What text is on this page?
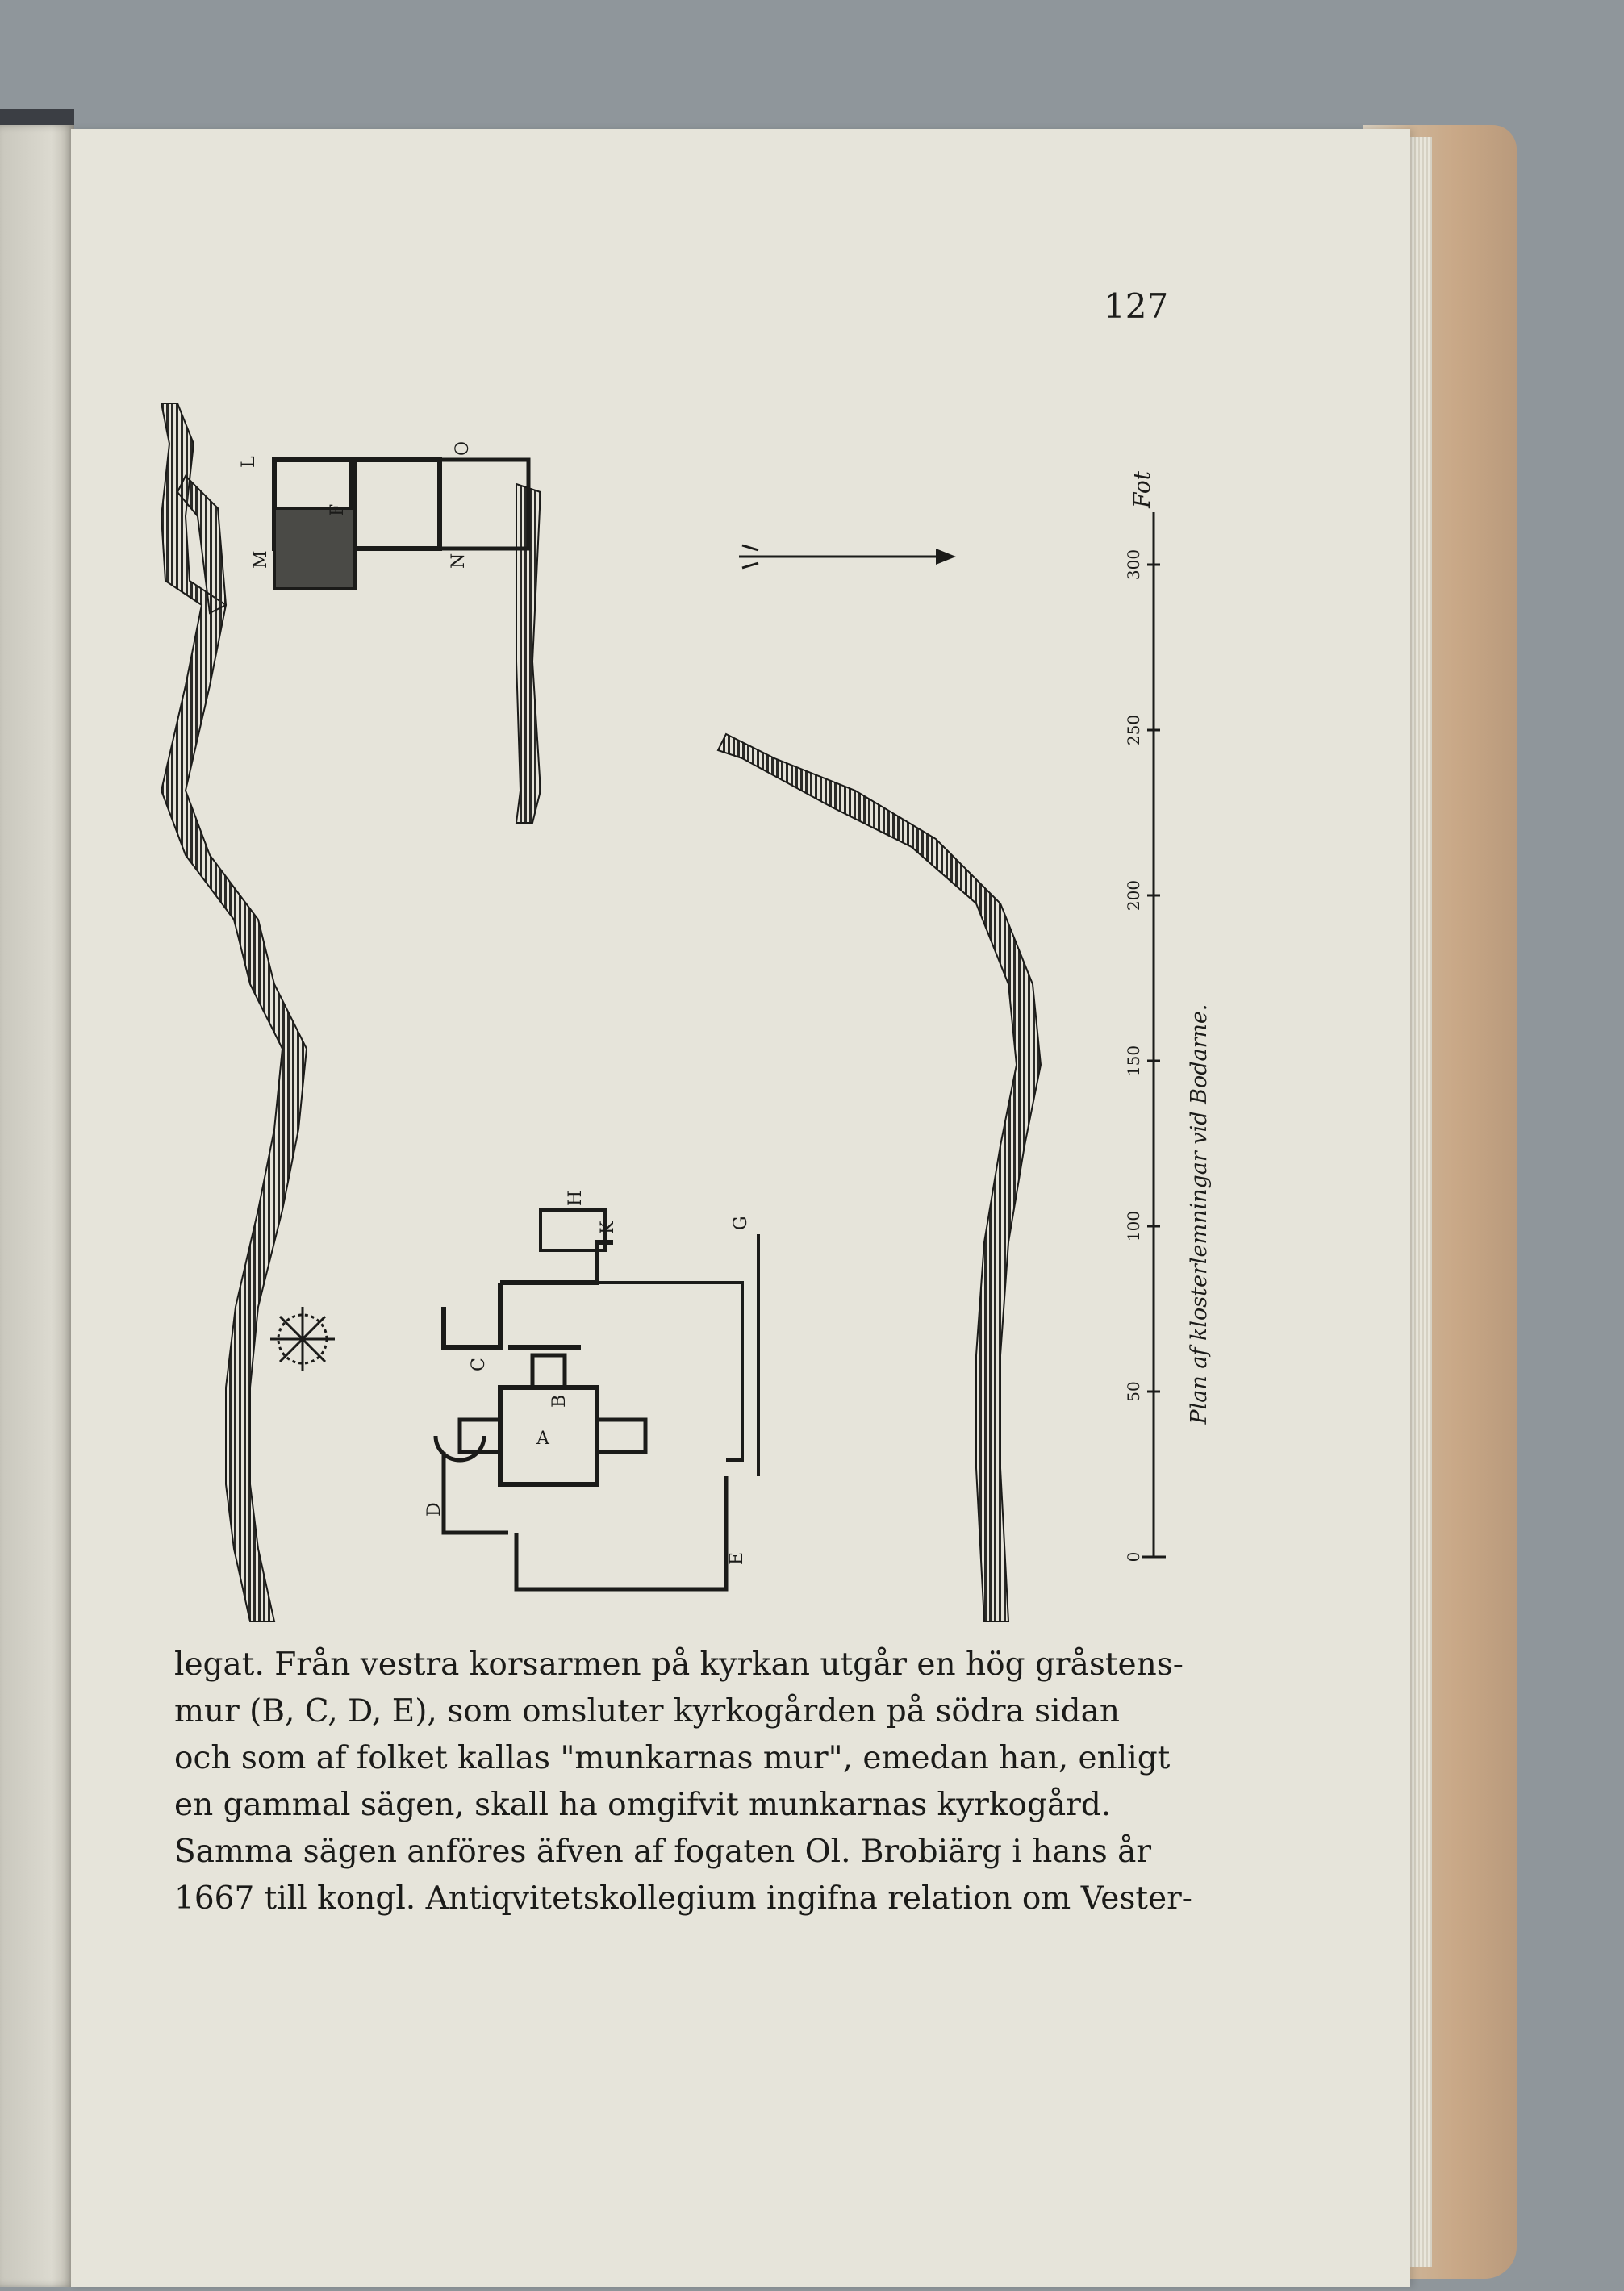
127
L
M
F
O
N
A
B
C
D
E
G
H
K
0
50
100
150
200
250
300
Fot
Plan af klosterlemningar vid Bodarne.

legat. Från vestra korsarmen på kyrkan utgår en hög gråstens-

mur (B, C, D, E), som omsluter kyrkogården på södra sidan

och som af folket kallas "munkarnas mur", emedan han, enligt

en gammal sägen, skall ha omgifvit munkarnas kyrkogård.

Samma sägen anföres äfven af fogaten Ol. Brobiärg i hans år

1667 till kongl. Antiqvitetskollegium ingifna relation om Vester-
